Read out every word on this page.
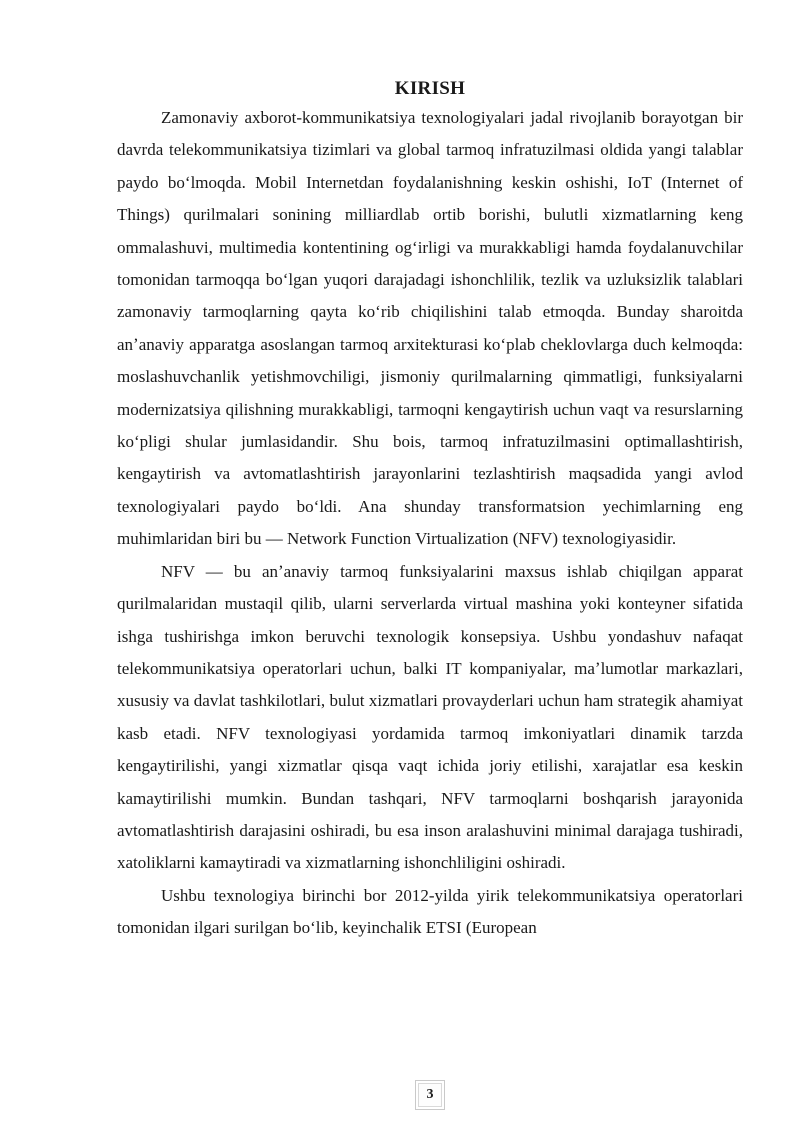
KIRISH

Zamonaviy axborot-kommunikatsiya texnologiyalari jadal rivojlanib borayotgan bir davrda telekommunikatsiya tizimlari va global tarmoq infratuzilmasi oldida yangi talablar paydo boʻlmoqda. Mobil Internetdan foydalanishning keskin oshishi, IoT (Internet of Things) qurilmalari sonining milliardlab ortib borishi, bulutli xizmatlarning keng ommalashuvi, multimedia kontentining ogʻirligi va murakkabligi hamda foydalanuvchilar tomonidan tarmoqqa boʻlgan yuqori darajadagi ishonchlilik, tezlik va uzluksizlik talablari zamonaviy tarmoqlarning qayta koʻrib chiqilishini talab etmoqda. Bunday sharoitda anʼanaviy apparatga asoslangan tarmoq arxitekturasi koʻplab cheklovlarga duch kelmoqda: moslashuvchanlik yetishmovchiligi, jismoniy qurilmalarning qimmatligi, funksiyalarni modernizatsiya qilishning murakkabligi, tarmoqni kengaytirish uchun vaqt va resurslarning koʻpligi shular jumlasidandir. Shu bois, tarmoq infratuzilmasini optimallashtirish, kengaytirish va avtomatlashtirish jarayonlarini tezlashtirish maqsadida yangi avlod texnologiyalari paydo boʻldi. Ana shunday transformatsion yechimlarning eng muhimlaridan biri bu — Network Function Virtualization (NFV) texnologiyasidir.

NFV — bu anʼanaviy tarmoq funksiyalarini maxsus ishlab chiqilgan apparat qurilmalaridan mustaqil qilib, ularni serverlarda virtual mashina yoki konteyner sifatida ishga tushirishga imkon beruvchi texnologik konsepsiya. Ushbu yondashuv nafaqat telekommunikatsiya operatorlari uchun, balki IT kompaniyalar, maʼlumotlar markazlari, xususiy va davlat tashkilotlari, bulut xizmatlari provayderlari uchun ham strategik ahamiyat kasb etadi. NFV texnologiyasi yordamida tarmoq imkoniyatlari dinamik tarzda kengaytirilishi, yangi xizmatlar qisqa vaqt ichida joriy etilishi, xarajatlar esa keskin kamaytirilishi mumkin. Bundan tashqari, NFV tarmoqlarni boshqarish jarayonida avtomatlashtirish darajasini oshiradi, bu esa inson aralashuvini minimal darajaga tushiradi, xatoliklarni kamaytiradi va xizmatlarning ishonchliligini oshiradi.

Ushbu texnologiya birinchi bor 2012-yilda yirik telekommunikatsiya operatorlari tomonidan ilgari surilgan boʻlib, keyinchalik ETSI (European

3
